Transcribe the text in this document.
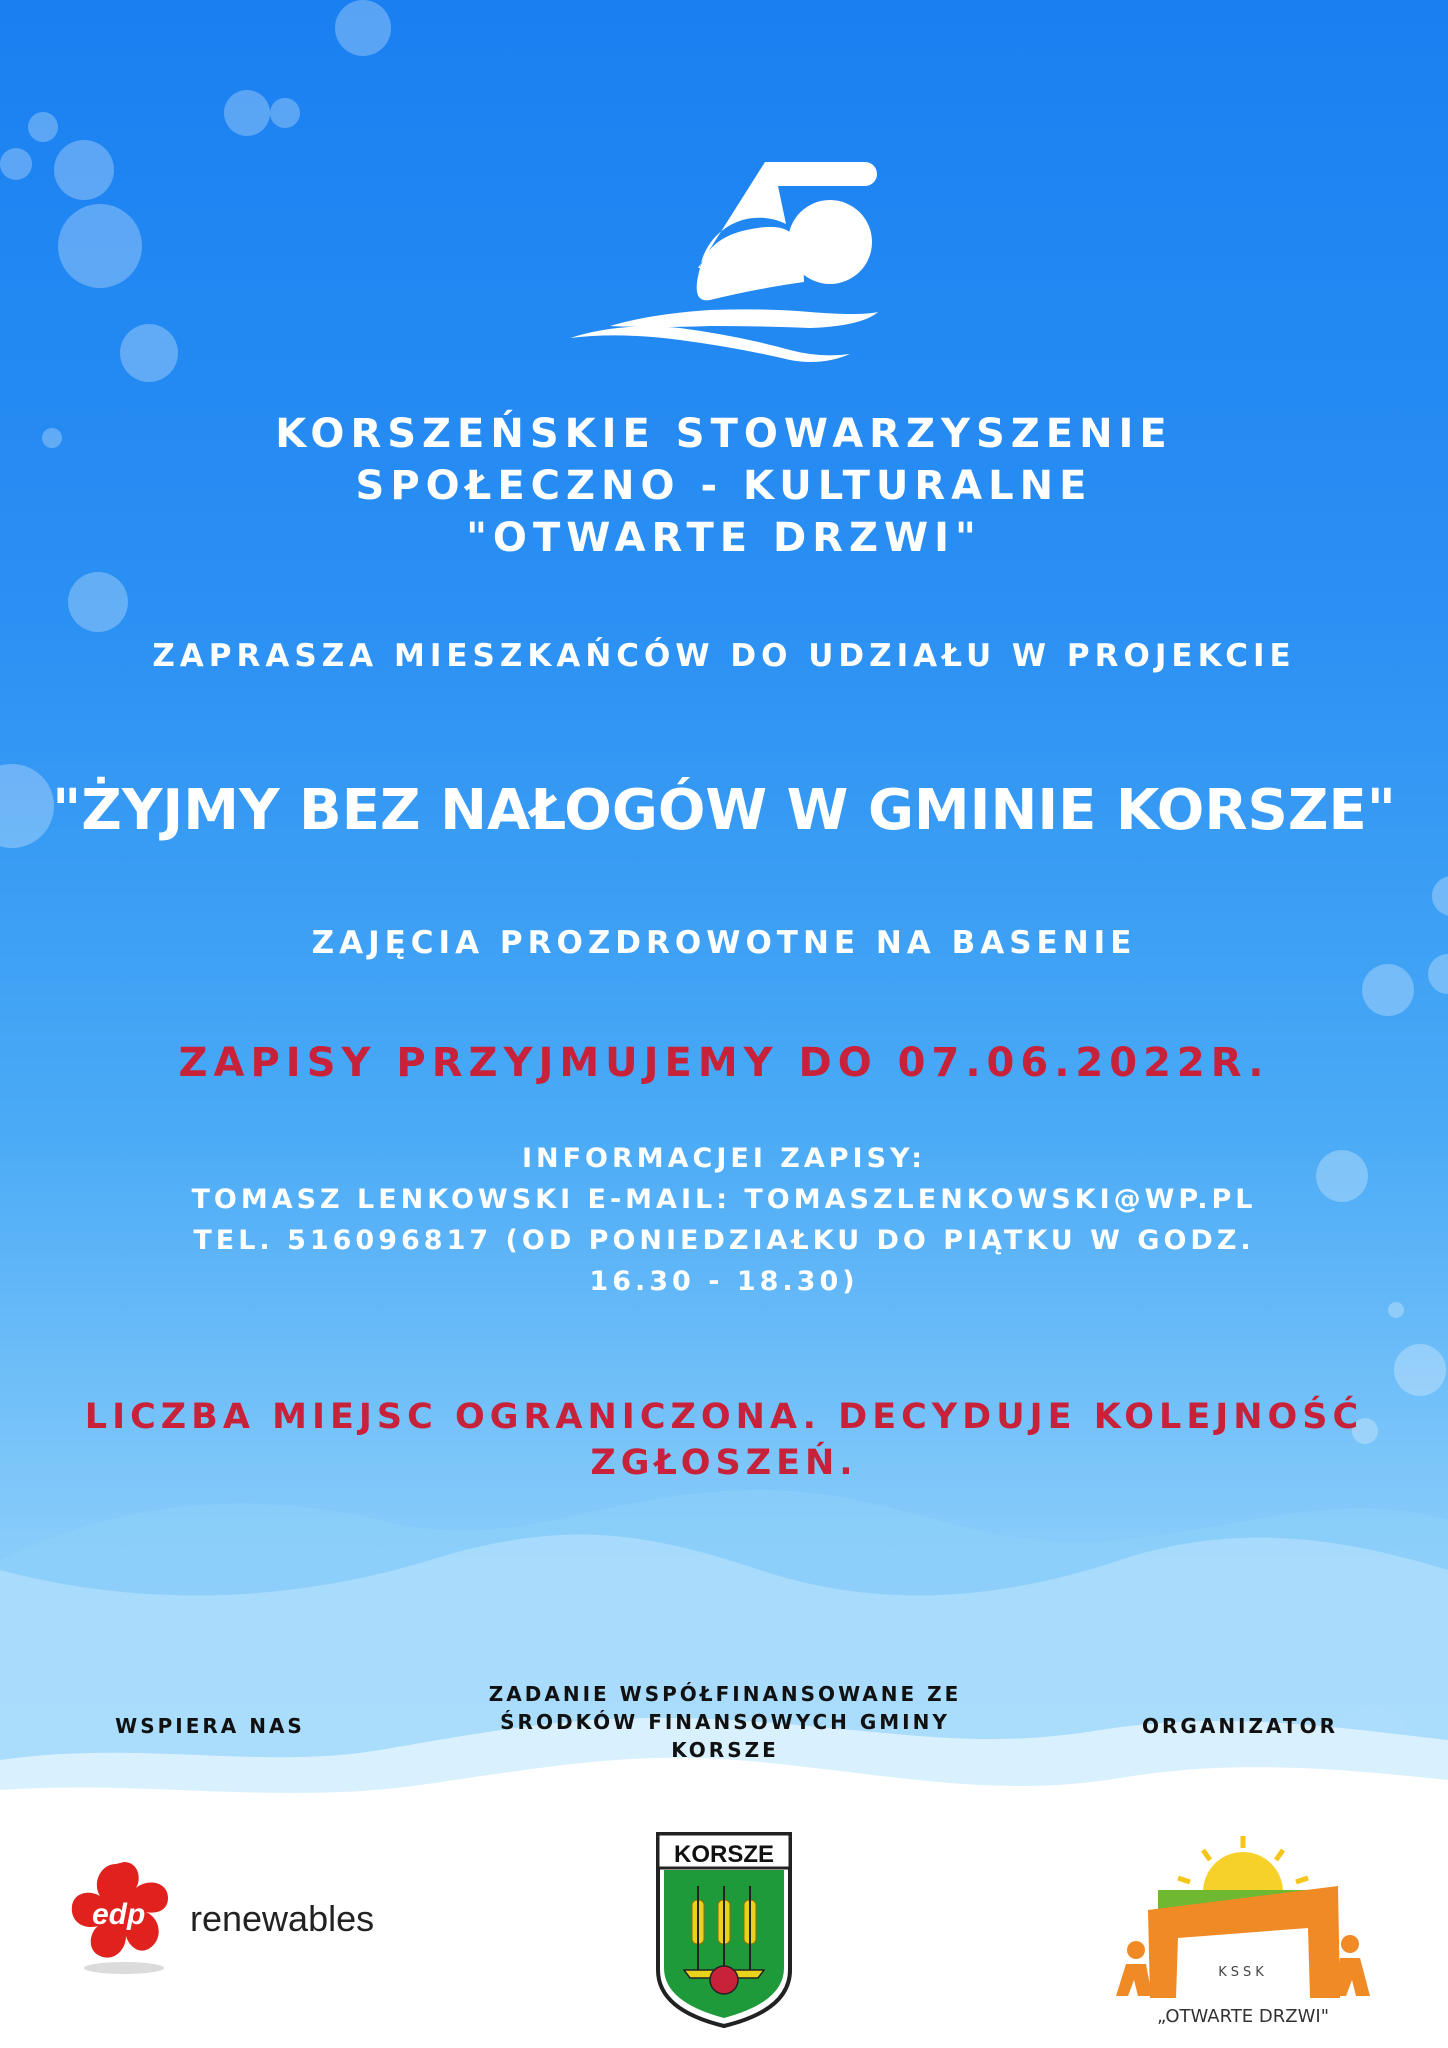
KORSZEŃSKIE STOWARZYSZENIE
SPOŁECZNO - KULTURALNE
"OTWARTE DRZWI"

ZAPRASZA MIESZKAŃCÓW DO UDZIAŁU W PROJEKCIE

"ŻYJMY BEZ NAŁOGÓW W GMINIE KORSZE"

ZAJĘCIA PROZDROWOTNE NA BASENIE

ZAPISY PRZYJMUJEMY DO 07.06.2022R.

INFORMACJEI ZAPISY:
TOMASZ LENKOWSKI E-MAIL: TOMASZLENKOWSKI@WP.PL
TEL. 516096817 (OD PONIEDZIAŁKU DO PIĄTKU W GODZ.
16.30 - 18.30)
LICZBA MIEJSC OGRANICZONA. DECYDUJE KOLEJNOŚĆ
ZGŁOSZEŃ.
WSPIERA NAS
ZADANIE WSPÓŁFINANSOWANE ZE
ŚRODKÓW FINANSOWYCH GMINY
KORSZE
ORGANIZATOR
edp renewables
KORSZE
KSSK
„OTWARTE DRZWI"
